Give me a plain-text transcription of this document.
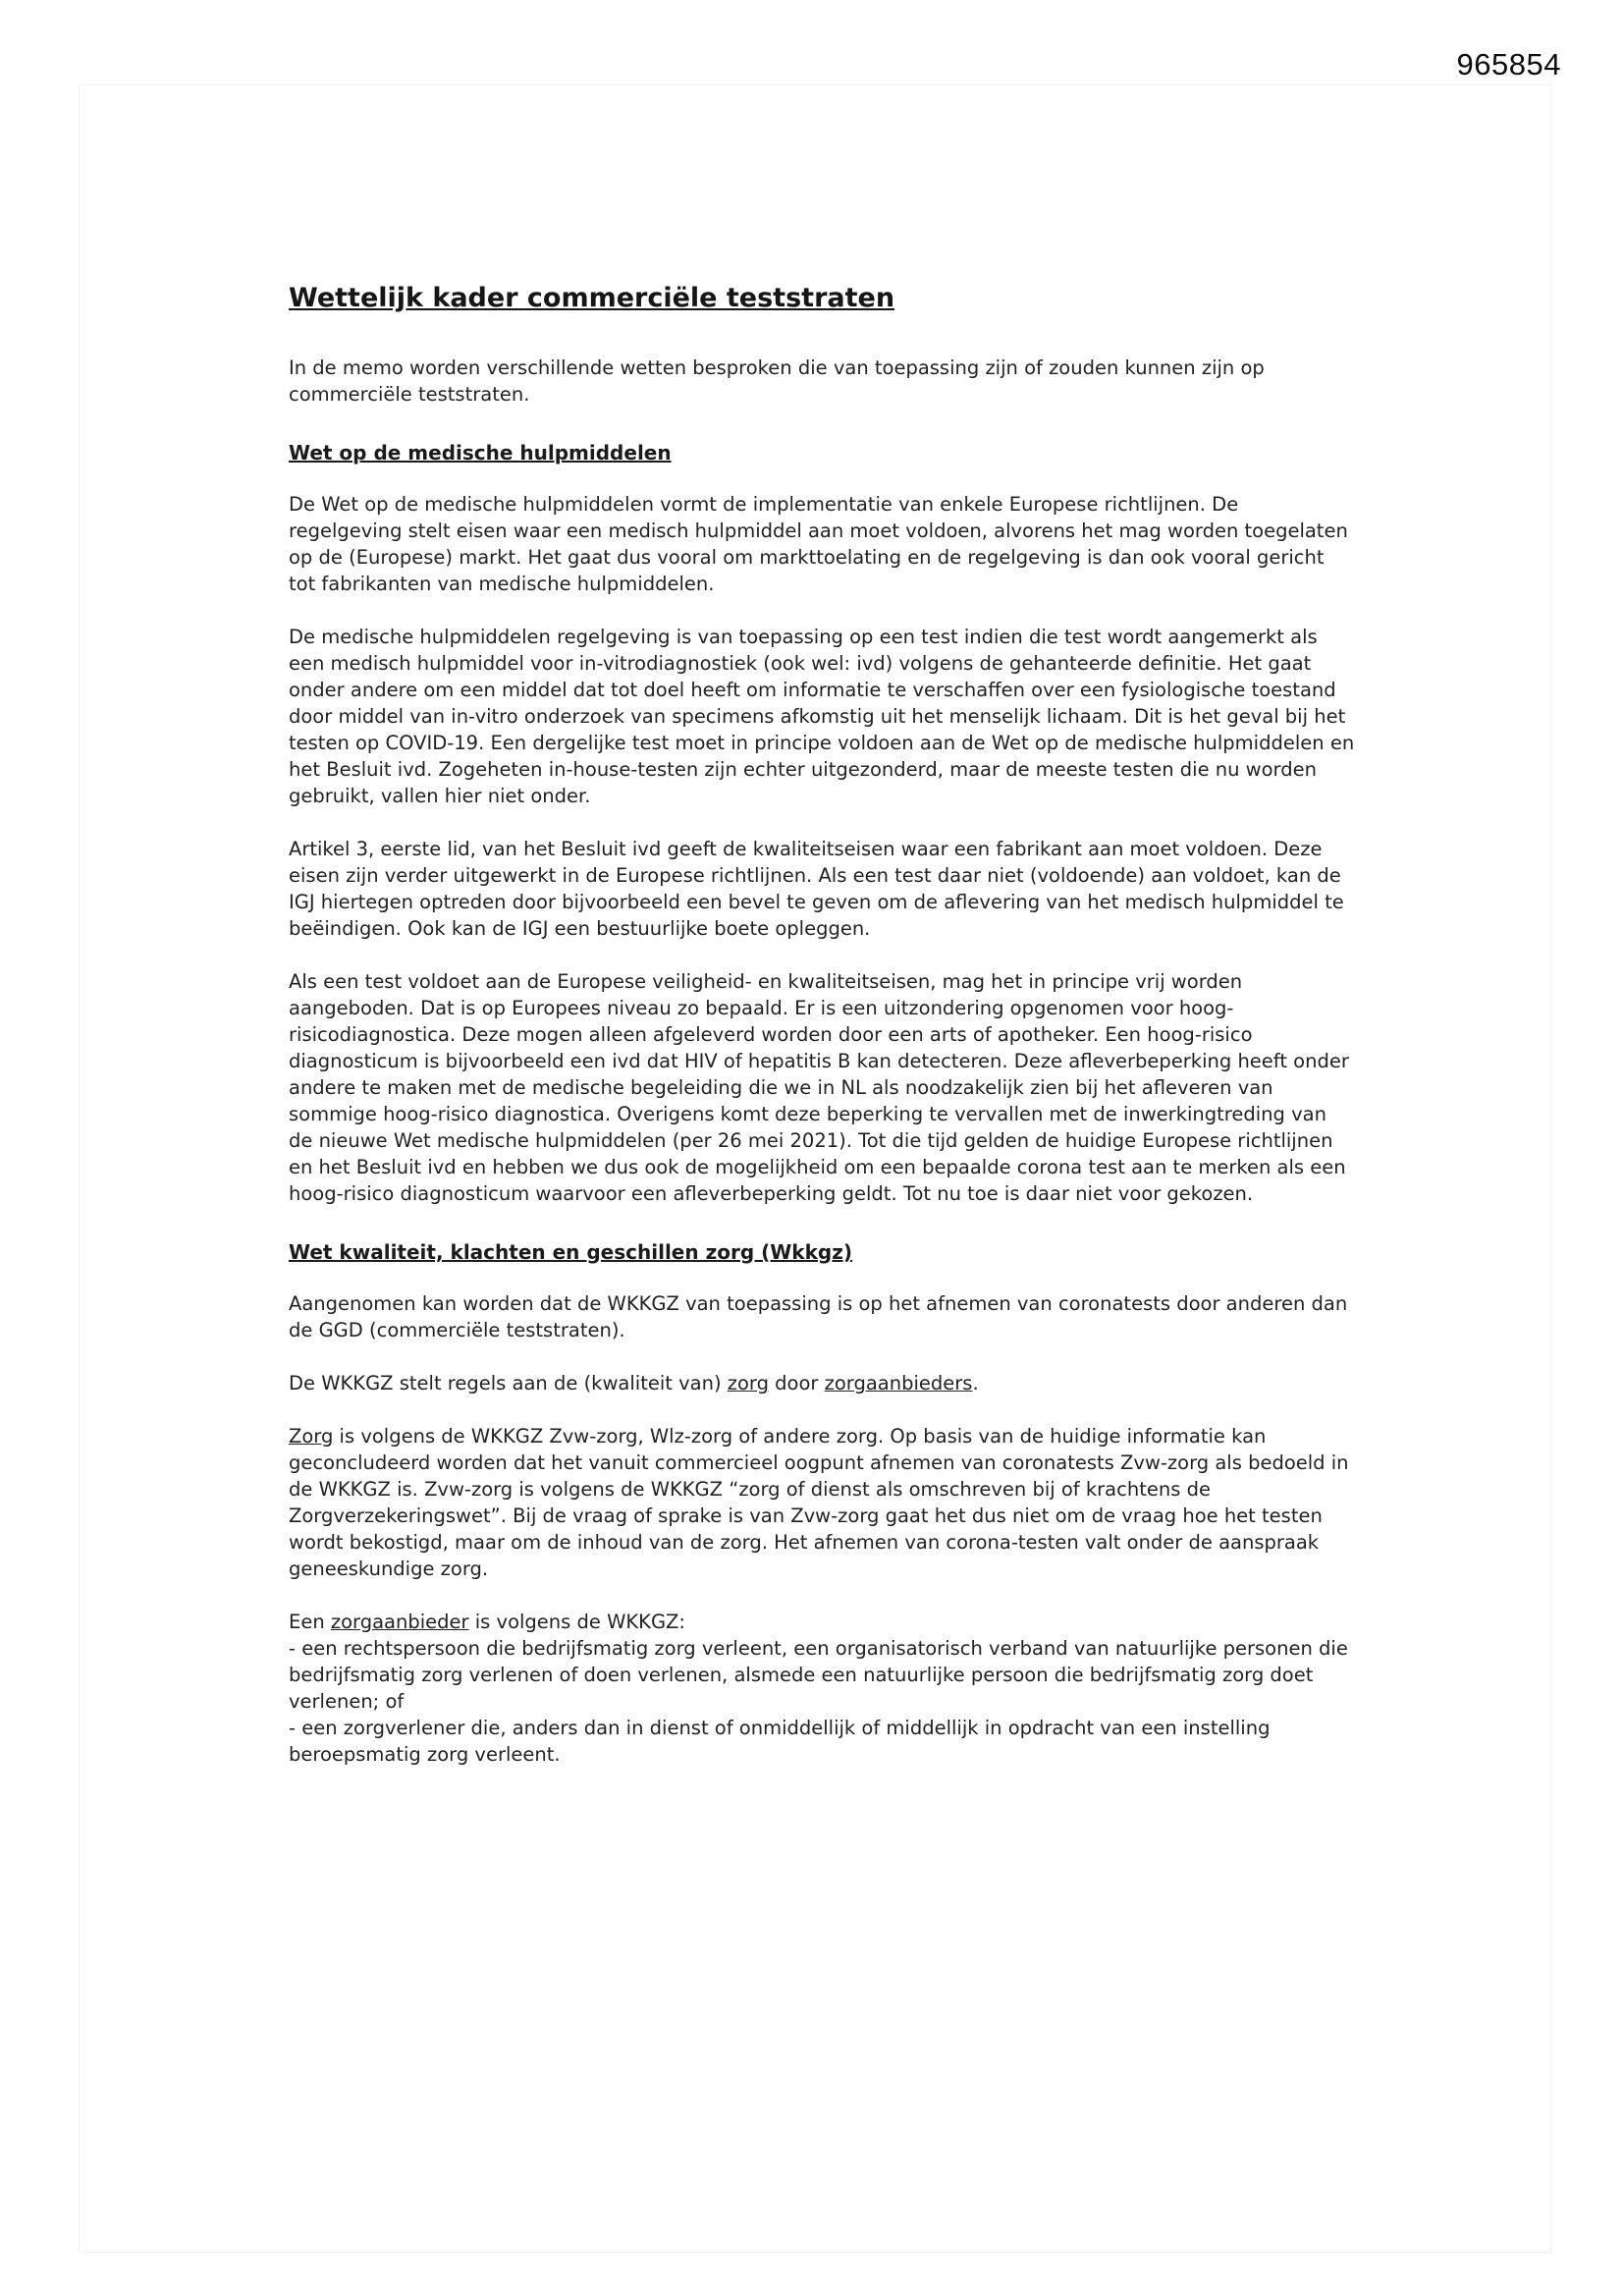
965854
Wettelijk kader commerciële teststraten

In de memo worden verschillende wetten besproken die van toepassing zijn of zouden kunnen zijn op commerciële teststraten.

Wet op de medische hulpmiddelen

De Wet op de medische hulpmiddelen vormt de implementatie van enkele Europese richtlijnen. De regelgeving stelt eisen waar een medisch hulpmiddel aan moet voldoen, alvorens het mag worden toegelaten op de (Europese) markt. Het gaat dus vooral om markttoelating en de regelgeving is dan ook vooral gericht tot fabrikanten van medische hulpmiddelen.

De medische hulpmiddelen regelgeving is van toepassing op een test indien die test wordt aangemerkt als een medisch hulpmiddel voor in-vitrodiagnostiek (ook wel: ivd) volgens de gehanteerde definitie. Het gaat onder andere om een middel dat tot doel heeft om informatie te verschaffen over een fysiologische toestand door middel van in-vitro onderzoek van specimens afkomstig uit het menselijk lichaam. Dit is het geval bij het testen op COVID-19. Een dergelijke test moet in principe voldoen aan de Wet op de medische hulpmiddelen en het Besluit ivd. Zogeheten in-house-testen zijn echter uitgezonderd, maar de meeste testen die nu worden gebruikt, vallen hier niet onder.

Artikel 3, eerste lid, van het Besluit ivd geeft de kwaliteitseisen waar een fabrikant aan moet voldoen. Deze eisen zijn verder uitgewerkt in de Europese richtlijnen. Als een test daar niet (voldoende) aan voldoet, kan de IGJ hiertegen optreden door bijvoorbeeld een bevel te geven om de aflevering van het medisch hulpmiddel te beëindigen. Ook kan de IGJ een bestuurlijke boete opleggen.

Als een test voldoet aan de Europese veiligheid- en kwaliteitseisen, mag het in principe vrij worden aangeboden. Dat is op Europees niveau zo bepaald. Er is een uitzondering opgenomen voor hoog-risicodiagnostica. Deze mogen alleen afgeleverd worden door een arts of apotheker. Een hoog-risico diagnosticum is bijvoorbeeld een ivd dat HIV of hepatitis B kan detecteren. Deze afleverbeperking heeft onder andere te maken met de medische begeleiding die we in NL als noodzakelijk zien bij het afleveren van sommige hoog-risico diagnostica. Overigens komt deze beperking te vervallen met de inwerkingtreding van de nieuwe Wet medische hulpmiddelen (per 26 mei 2021). Tot die tijd gelden de huidige Europese richtlijnen en het Besluit ivd en hebben we dus ook de mogelijkheid om een bepaalde corona test aan te merken als een hoog-risico diagnosticum waarvoor een afleverbeperking geldt. Tot nu toe is daar niet voor gekozen.

Wet kwaliteit, klachten en geschillen zorg (Wkkgz)

Aangenomen kan worden dat de WKKGZ van toepassing is op het afnemen van coronatests door anderen dan de GGD (commerciële teststraten).

De WKKGZ stelt regels aan de (kwaliteit van) zorg door zorgaanbieders.

Zorg is volgens de WKKGZ Zvw-zorg, Wlz-zorg of andere zorg. Op basis van de huidige informatie kan geconcludeerd worden dat het vanuit commercieel oogpunt afnemen van coronatests Zvw-zorg als bedoeld in de WKKGZ is. Zvw-zorg is volgens de WKKGZ “zorg of dienst als omschreven bij of krachtens de Zorgverzekeringswet”. Bij de vraag of sprake is van Zvw-zorg gaat het dus niet om de vraag hoe het testen wordt bekostigd, maar om de inhoud van de zorg. Het afnemen van corona-testen valt onder de aanspraak geneeskundige zorg.

Een zorgaanbieder is volgens de WKKGZ:
- een rechtspersoon die bedrijfsmatig zorg verleent, een organisatorisch verband van natuurlijke personen die bedrijfsmatig zorg verlenen of doen verlenen, alsmede een natuurlijke persoon die bedrijfsmatig zorg doet verlenen; of
- een zorgverlener die, anders dan in dienst of onmiddellijk of middellijk in opdracht van een instelling beroepsmatig zorg verleent.
